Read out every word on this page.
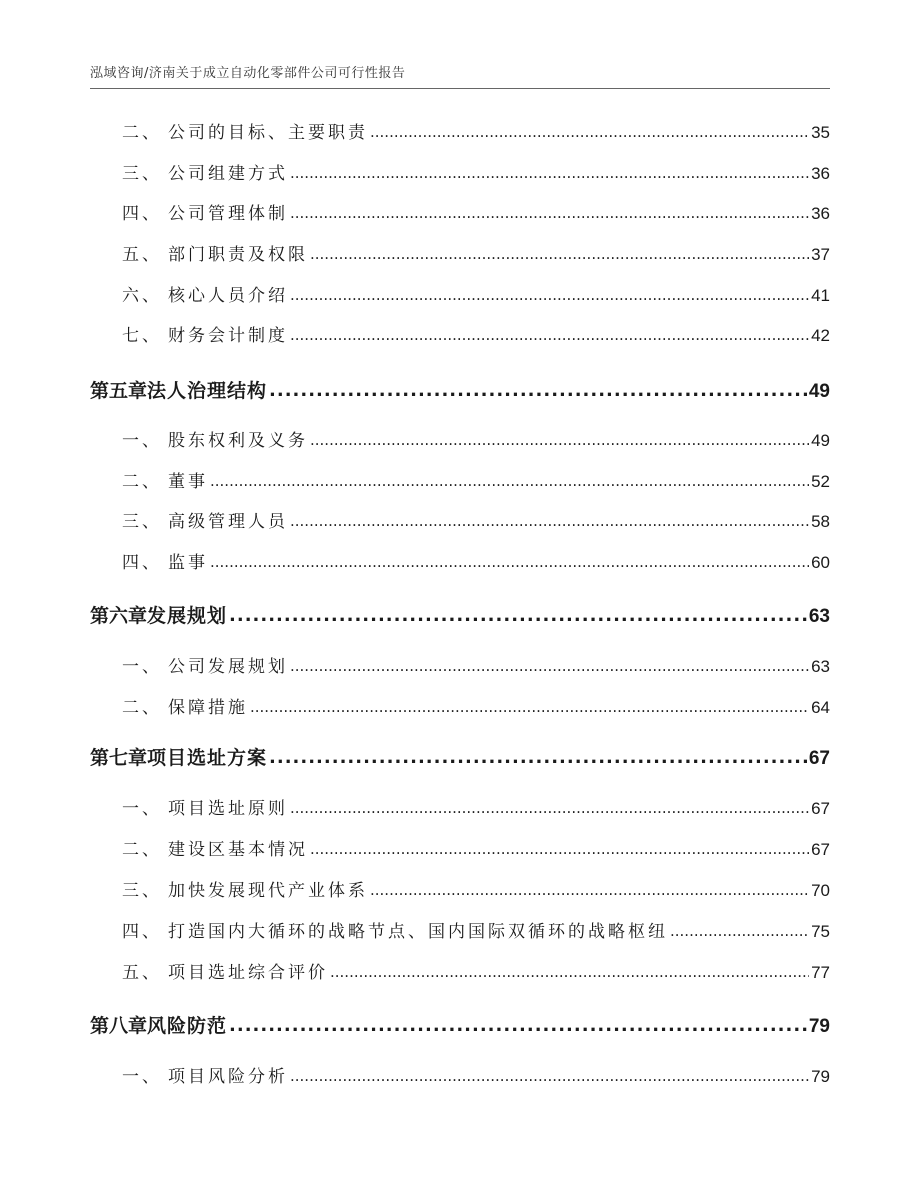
泓域咨询/济南关于成立自动化零部件公司可行性报告
二、 公司的目标、主要职责 .....	35
三、 公司组建方式 .....	36
四、 公司管理体制 .....	36
五、 部门职责及权限 .....	37
六、 核心人员介绍 .....	41
七、 财务会计制度 .....	42
第五章 法人治理结构 .....	49
一、 股东权利及义务 .....	49
二、 董事 .....	52
三、 高级管理人员 .....	58
四、 监事 .....	60
第六章 发展规划 .....	63
一、 公司发展规划 .....	63
二、 保障措施 .....	64
第七章 项目选址方案 .....	67
一、 项目选址原则 .....	67
二、 建设区基本情况 .....	67
三、 加快发展现代产业体系 .....	70
四、 打造国内大循环的战略节点、国内国际双循环的战略枢纽 .....	75
五、 项目选址综合评价 .....	77
第八章 风险防范 .....	79
一、 项目风险分析 .....	79
